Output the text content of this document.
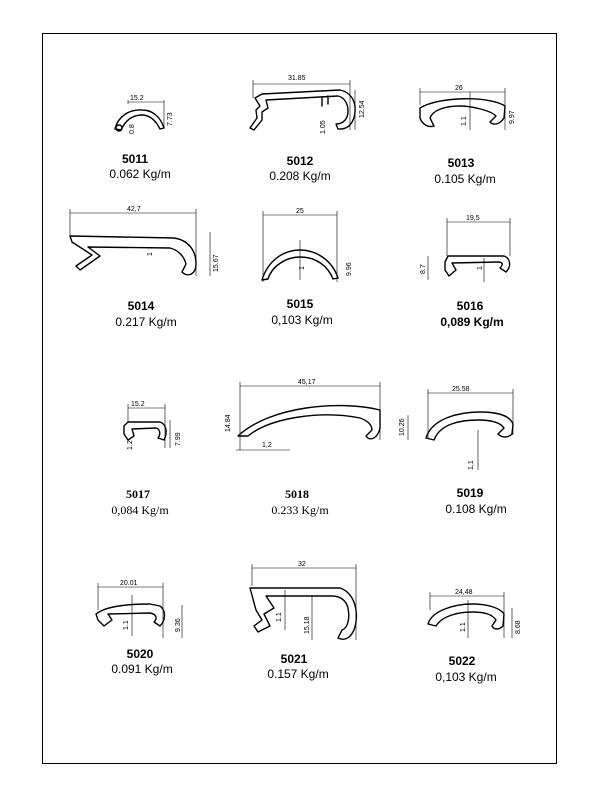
15.2
7.73
0.8
31.85
12.54
1.05
26
9.97
1.1
42,7
15.67
1
25
9.96
1
19,5
8.7	1
15.2
7.99
1.2
45,17
14.84
1,2
25.58
10.26
1,1
20.01
9.36
1.1
32
15.18
1.1
24,48
8.68
1.1
5011
0.062 Kg/m
5012
0.208 Kg/m
5013
0.105 Kg/m
5014
0.217 Kg/m
5015
0,103 Kg/m
5016
0,089 Kg/m
5017
0,084 Kg/m
5018
0.233 Kg/m
5019
0.108 Kg/m
5020
0.091 Kg/m
5021
0.157 Kg/m
5022
0,103 Kg/m
